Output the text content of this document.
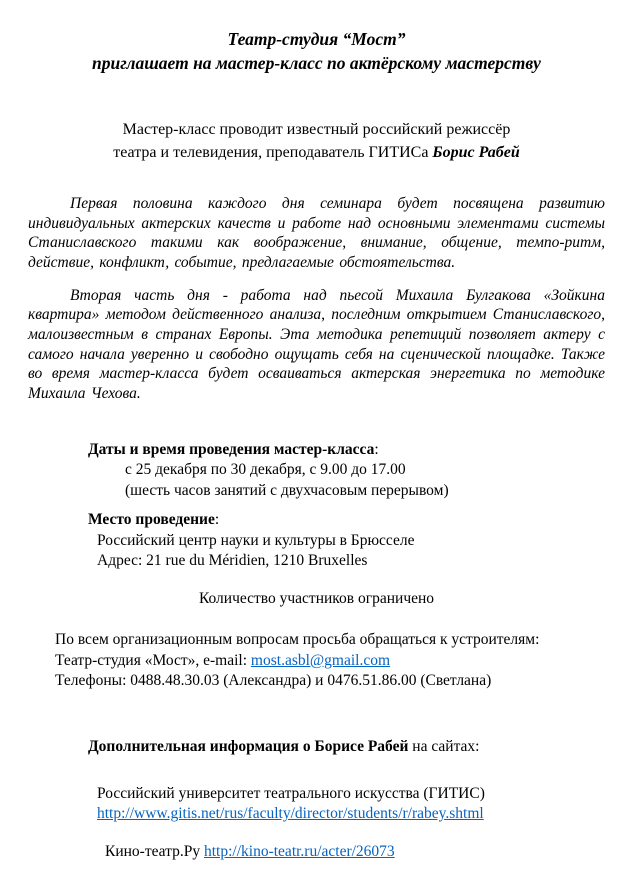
Театр-студия “Мост”
приглашает на мастер-класс по актёрскому мастерству
Мастер-класс проводит известный российский режиссёр
театра и телевидения, преподаватель ГИТИСа Борис Рабей

Первая половина каждого дня семинара будет посвящена развитию индивидуальных актерских качеств и работе над основными элементами системы Станиславского такими как воображение, внимание, общение, темпо-ритм, действие, конфликт, событие, предлагаемые обстоятельства.

Вторая часть дня - работа над пьесой Михаила Булгакова «Зойкина квартира» методом действенного анализа, последним открытием Станиславского, малоизвестным в странах Европы. Эта методика репетиций позволяет актеру с самого начала уверенно и свободно ощущать себя на сценической площадке. Также во время мастер-класса будет осваиваться актерская энергетика по методике Михаила Чехова.

Даты и время проведения мастер-класса:
с 25 декабря по 30 декабря, с 9.00 до 17.00
(шесть часов занятий с двухчасовым перерывом)
Место проведение:
Российский центр науки и культуры в Брюсселе
Адрес: 21 rue du Méridien, 1210 Bruxelles
Количество участников ограничено
По всем организационным вопросам просьба обращаться к устроителям:
Театр-студия «Мост», e-mail: most.asbl@gmail.com
Телефоны: 0488.48.30.03 (Александра) и 0476.51.86.00 (Светлана)
Дополнительная информация о Борисе Рабей на сайтах:
Российский университет театрального искусства (ГИТИС)
http://www.gitis.net/rus/faculty/director/students/r/rabey.shtml
Кино-театр.Ру http://kino-teatr.ru/acter/26073
